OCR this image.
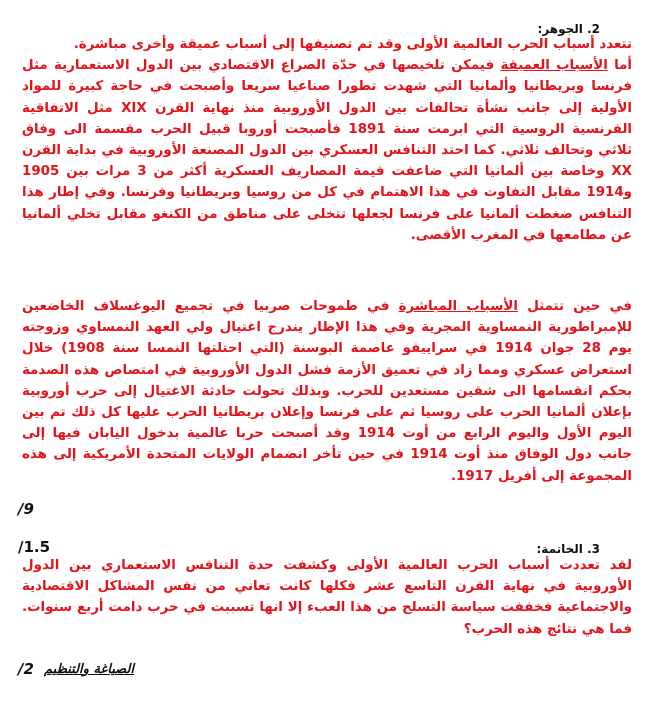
2. الجوهر:

تتعدد أسباب الحرب العالمية الأولى وقد تم تصنيفها إلى أسباب عميقة وأخرى مباشرة.

أما الأسباب العميقة فيمكن تلخيصها في حدّة الصراع الاقتصادي بين الدول الاستعمارية مثل فرنسا وبريطانيا وألمانيا التي شهدت تطورا صناعيا سريعا وأصبحت في حاجة كبيرة للمواد الأولية إلى جانب نشأة تحالفات بين الدول الأوروبية منذ نهاية القرن XIX مثل الاتفاقية الفرنسية الروسية التي ابرمت سنة 1891 فأصبحت أوروبا قبيل الحرب مقسمة الى وفاق ثلاثي وتحالف ثلاثي. كما احتد التنافس العسكري بين الدول المصنعة الأوروبية في بداية القرن XX وخاصة بين ألمانيا التي ضاعفت قيمة المصاريف العسكرية أكثر من 3 مرات بين 1905 و1914 مقابل التفاوت في هذا الاهتمام في كل من روسيا وبريطانيا وفرنسا. وفي إطار هذا التنافس ضغطت ألمانيا على فرنسا لجعلها تتخلى على مناطق من الكنغو مقابل تخلي ألمانيا عن مطامعها في المغرب الأقصى.

في حين تتمثل الأسباب المباشرة في طموحات صربيا في تجميع اليوغسلاف الخاضعين للإمبراطورية النمساوية المجرية وفي هذا الإطار يندرج اغتيال ولي العهد النمساوي وزوجته يوم 28 جوان 1914 في سراييفو عاصمة البوسنة (التي احتلتها النمسا سنة 1908) خلال استعراض عسكري ومما زاد في تعميق الأزمة فشل الدول الأوروبية في امتصاص هذه الصدمة بحكم انقسامها الى شقين مستعدين للحرب. وبذلك تحولت حادثة الاغتيال إلى حرب أوروبية بإعلان ألمانيا الحرب على روسيا ثم على فرنسا وإعلان بريطانيا الحرب عليها كل ذلك تم بين اليوم الأول واليوم الرابع من أوت 1914 وقد أصبحت حربا عالمية بدخول اليابان فيها إلى جانب دول الوفاق منذ أوت 1914 في حين تأخر انضمام الولايات المتحدة الأمريكية إلى هذه المجموعة إلى أفريل 1917.

/9
3. الخاتمة:
/1.5

لقد تعددت أسباب الحرب العالمية الأولى وكشفت حدة التنافس الاستعماري بين الدول الأوروبية في نهاية القرن التاسع عشر فكلها كانت تعاني من نفس المشاكل الاقتصادية والاجتماعية فخففت سياسة التسلح من هذا العبء إلا انها تسببت في حرب دامت أربع سنوات. فما هي نتائج هذه الحرب؟

/2 الصياغة والتنظيم
